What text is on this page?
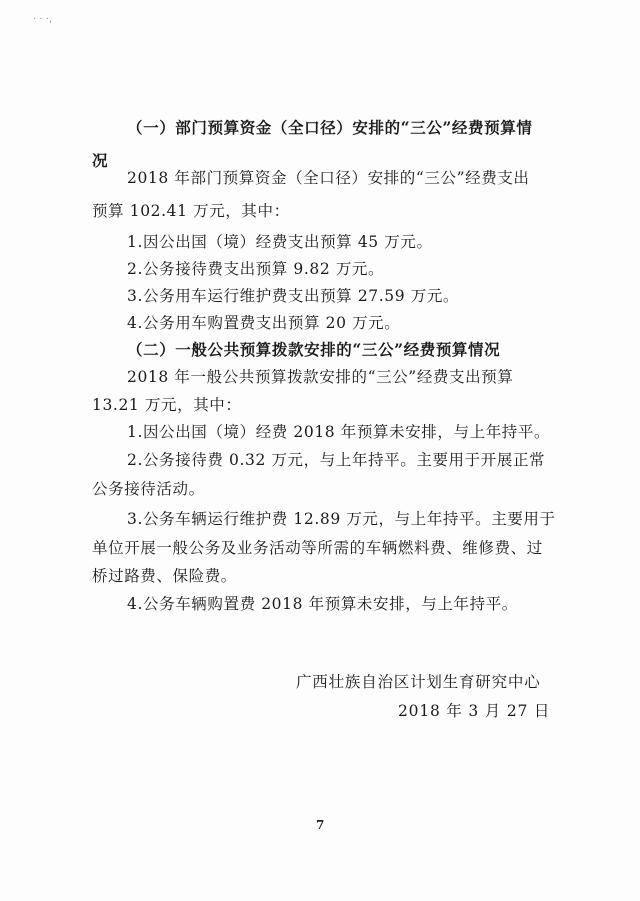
· · ·‚
（一）部门预算资金（全口径）安排的“三公”经费预算情
况
2018 年部门预算资金（全口径）安排的“三公”经费支出
预算 102.41 万元，其中：
1.因公出国（境）经费支出预算 45 万元。
2.公务接待费支出预算 9.82 万元。
3.公务用车运行维护费支出预算 27.59 万元。
4.公务用车购置费支出预算 20 万元。
（二）一般公共预算拨款安排的“三公”经费预算情况
2018 年一般公共预算拨款安排的“三公”经费支出预算
13.21 万元，其中：
1.因公出国（境）经费 2018 年预算未安排，与上年持平。
2.公务接待费 0.32 万元，与上年持平。主要用于开展正常
公务接待活动。
3.公务车辆运行维护费 12.89 万元，与上年持平。主要用于
单位开展一般公务及业务活动等所需的车辆燃料费、维修费、过
桥过路费、保险费。
4.公务车辆购置费 2018 年预算未安排，与上年持平。
广西壮族自治区计划生育研究中心
2018 年 3 月 27 日
7
